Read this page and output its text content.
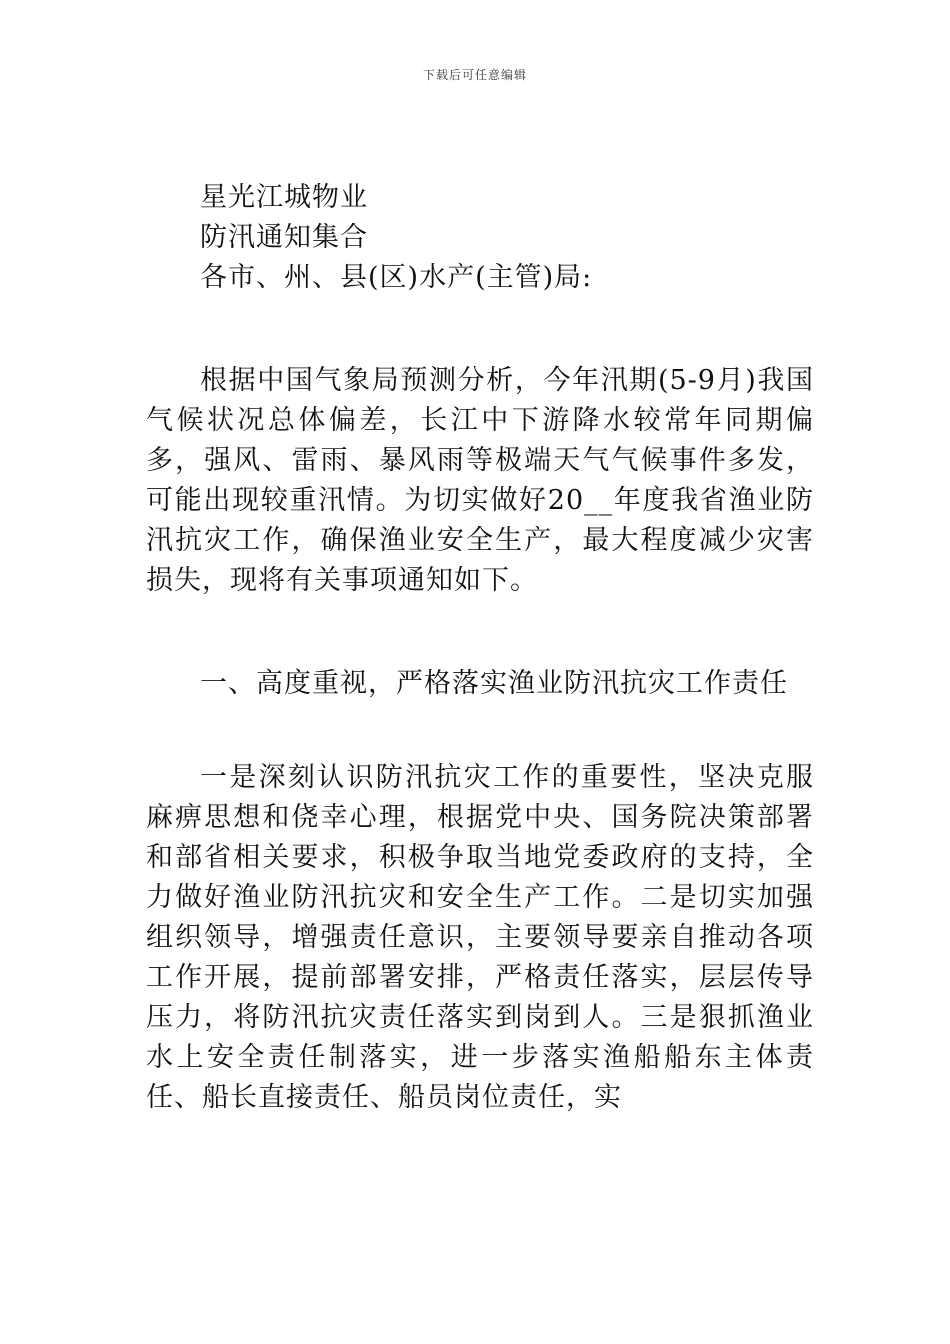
下载后可任意编辑

星光江城物业

防汛通知集合

各市、州、县(区)水产(主管)局:

根据中国气象局预测分析，今年汛期(5-9月)我国气候状况总体偏差，长江中下游降水较常年同期偏多，强风、雷雨、暴风雨等极端天气气候事件多发，可能出现较重汛情。为切实做好20__年度我省渔业防汛抗灾工作，确保渔业安全生产，最大程度减少灾害损失，现将有关事项通知如下。

一、高度重视，严格落实渔业防汛抗灾工作责任

一是深刻认识防汛抗灾工作的重要性，坚决克服麻痹思想和侥幸心理，根据党中央、国务院决策部署和部省相关要求，积极争取当地党委政府的支持，全力做好渔业防汛抗灾和安全生产工作。二是切实加强组织领导，增强责任意识，主要领导要亲自推动各项工作开展，提前部署安排，严格责任落实，层层传导压力，将防汛抗灾责任落实到岗到人。三是狠抓渔业水上安全责任制落实，进一步落实渔船船东主体责任、船长直接责任、船员岗位责任，实
